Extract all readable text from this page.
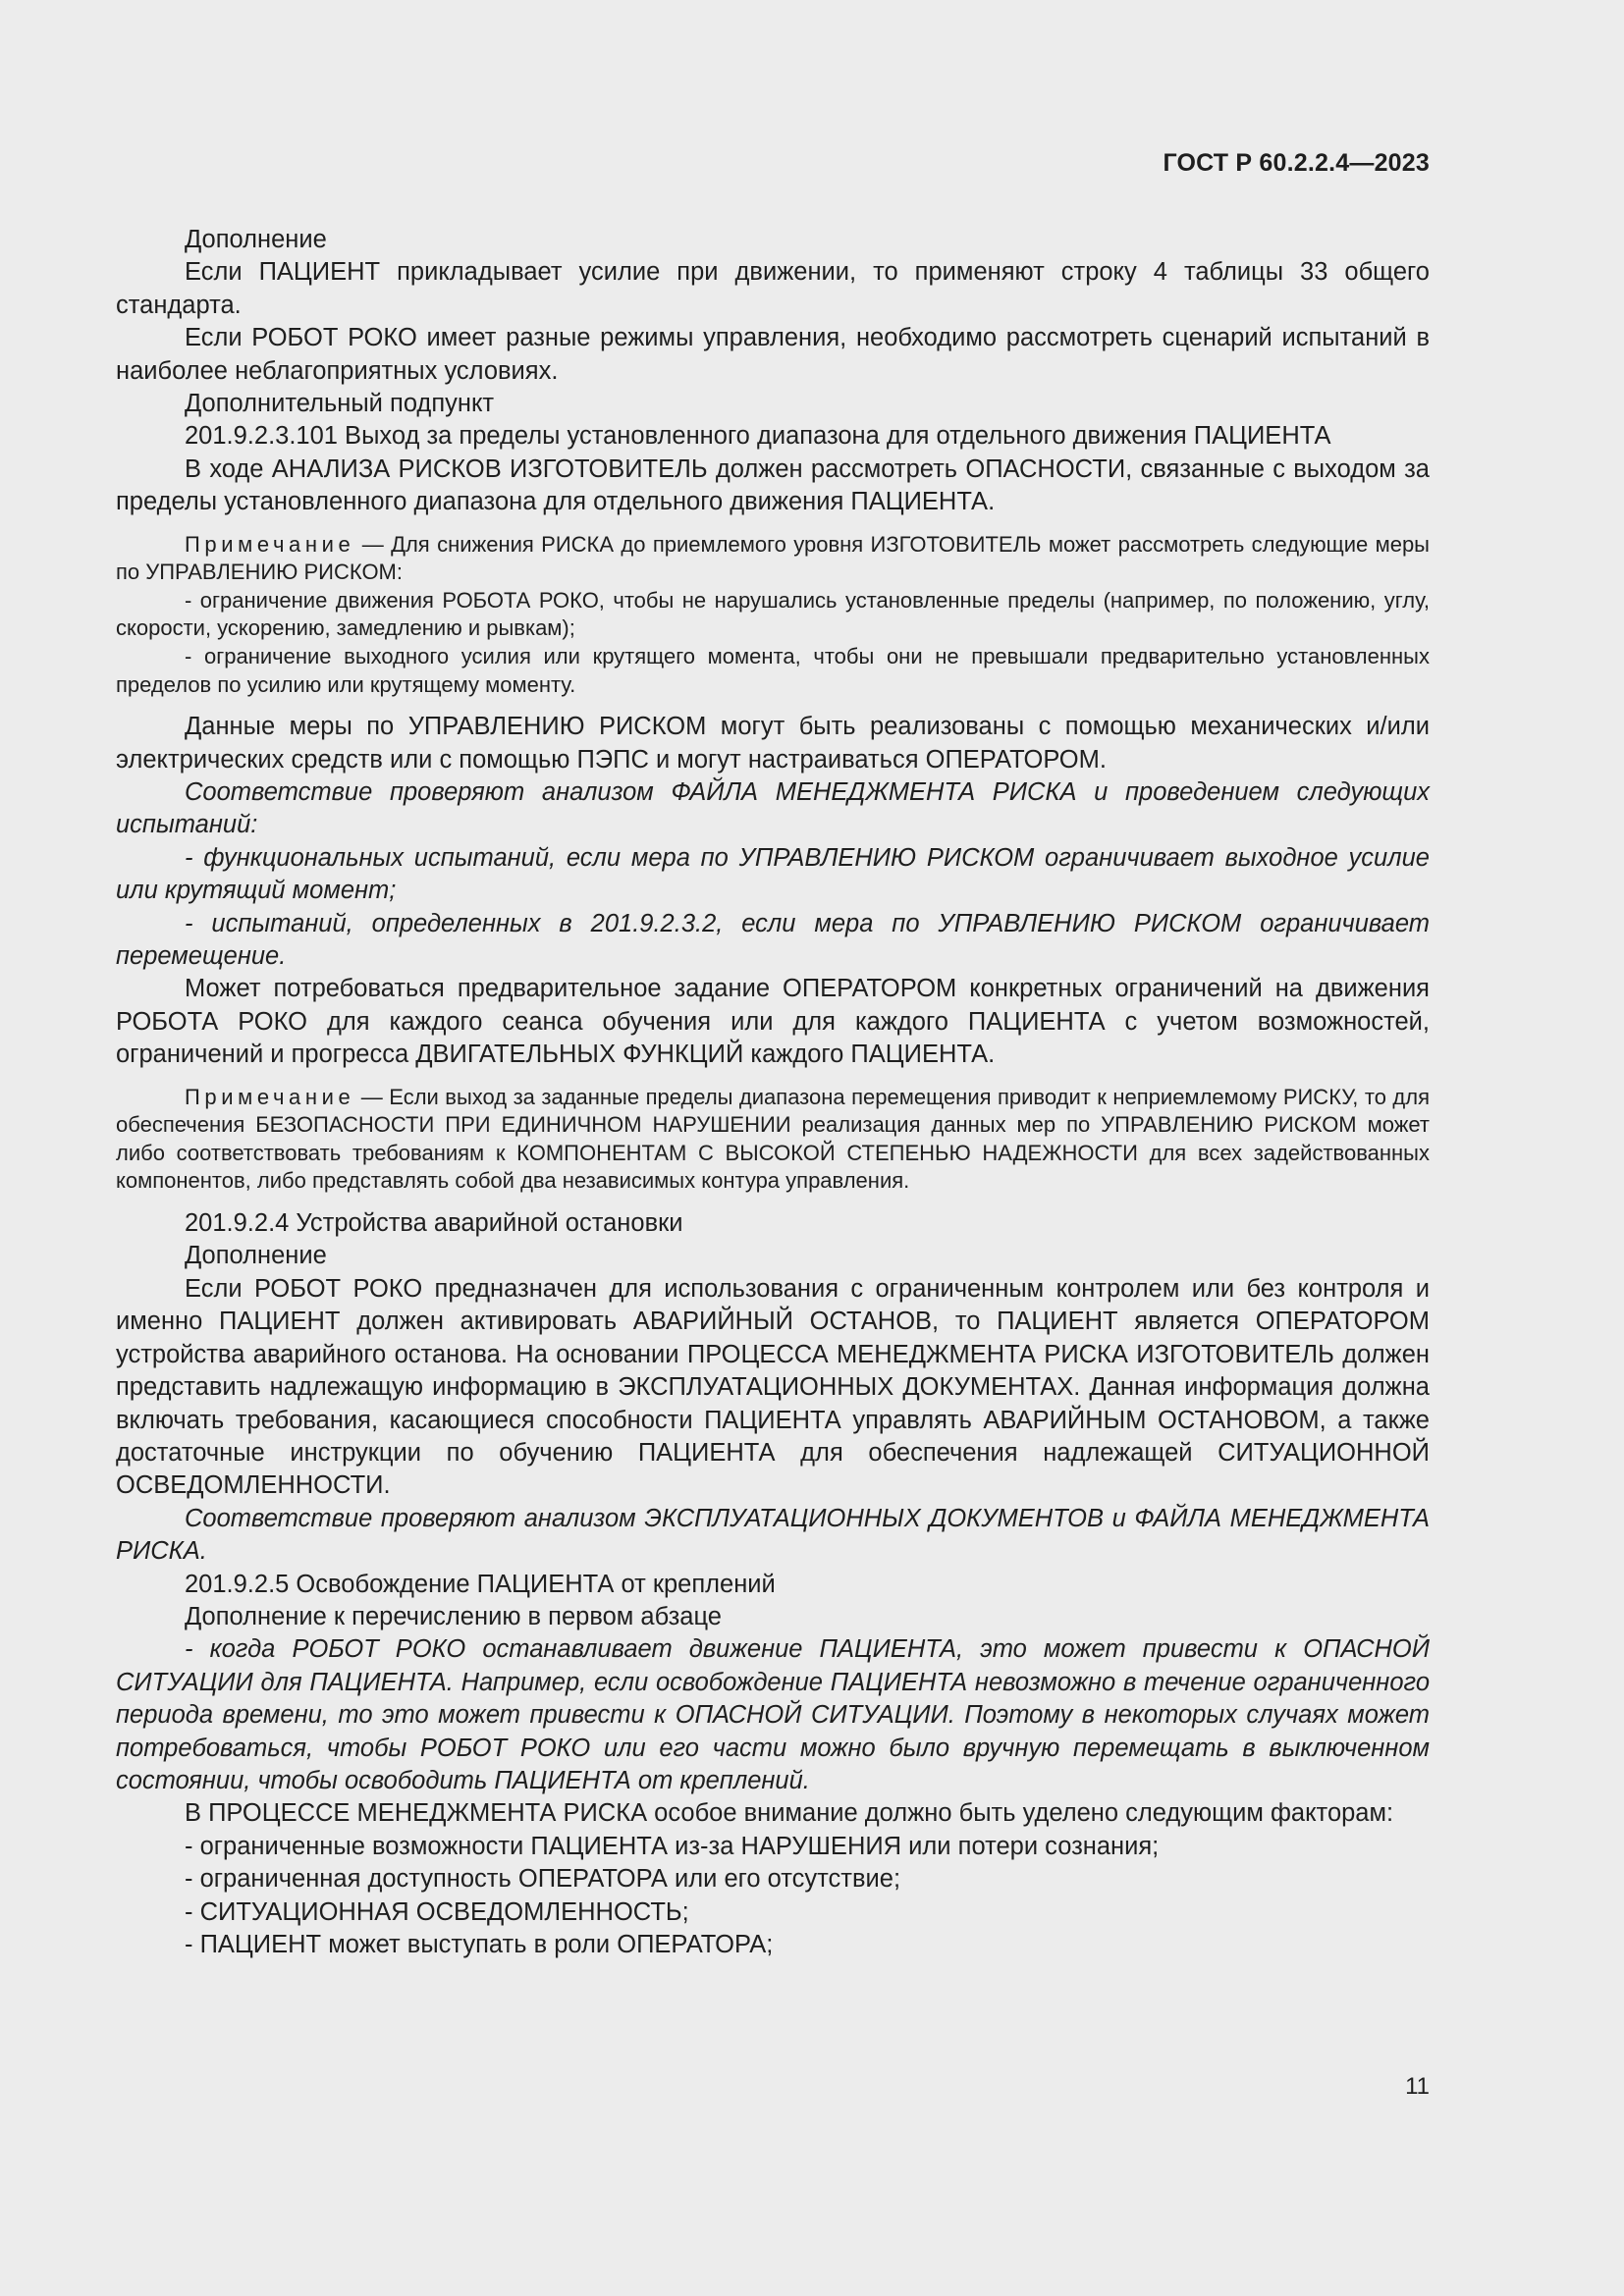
ГОСТ Р 60.2.2.4—2023

Дополнение

Если ПАЦИЕНТ прикладывает усилие при движении, то применяют строку 4 таблицы 33 общего стандарта.

Если РОБОТ РОКО имеет разные режимы управления, необходимо рассмотреть сценарий испытаний в наиболее неблагоприятных условиях.

Дополнительный подпункт

201.9.2.3.101 Выход за пределы установленного диапазона для отдельного движения ПАЦИЕНТА

В ходе АНАЛИЗА РИСКОВ ИЗГОТОВИТЕЛЬ должен рассмотреть ОПАСНОСТИ, связанные с выходом за пределы установленного диапазона для отдельного движения ПАЦИЕНТА.

Примечание — Для снижения РИСКА до приемлемого уровня ИЗГОТОВИТЕЛЬ может рассмотреть следующие меры по УПРАВЛЕНИЮ РИСКОМ:

- ограничение движения РОБОТА РОКО, чтобы не нарушались установленные пределы (например, по положению, углу, скорости, ускорению, замедлению и рывкам);

- ограничение выходного усилия или крутящего момента, чтобы они не превышали предварительно установленных пределов по усилию или крутящему моменту.

Данные меры по УПРАВЛЕНИЮ РИСКОМ могут быть реализованы с помощью механических и/или электрических средств или с помощью ПЭПС и могут настраиваться ОПЕРАТОРОМ.

Соответствие проверяют анализом ФАЙЛА МЕНЕДЖМЕНТА РИСКА и проведением следующих испытаний:

- функциональных испытаний, если мера по УПРАВЛЕНИЮ РИСКОМ ограничивает выходное усилие или крутящий момент;

- испытаний, определенных в 201.9.2.3.2, если мера по УПРАВЛЕНИЮ РИСКОМ ограничивает перемещение.

Может потребоваться предварительное задание ОПЕРАТОРОМ конкретных ограничений на движения РОБОТА РОКО для каждого сеанса обучения или для каждого ПАЦИЕНТА с учетом возможностей, ограничений и прогресса ДВИГАТЕЛЬНЫХ ФУНКЦИЙ каждого ПАЦИЕНТА.

Примечание — Если выход за заданные пределы диапазона перемещения приводит к неприемлемому РИСКУ, то для обеспечения БЕЗОПАСНОСТИ ПРИ ЕДИНИЧНОМ НАРУШЕНИИ реализация данных мер по УПРАВЛЕНИЮ РИСКОМ может либо соответствовать требованиям к КОМПОНЕНТАМ С ВЫСОКОЙ СТЕПЕНЬЮ НАДЕЖНОСТИ для всех задействованных компонентов, либо представлять собой два независимых контура управления.

201.9.2.4 Устройства аварийной остановки

Дополнение

Если РОБОТ РОКО предназначен для использования с ограниченным контролем или без контроля и именно ПАЦИЕНТ должен активировать АВАРИЙНЫЙ ОСТАНОВ, то ПАЦИЕНТ является ОПЕРАТОРОМ устройства аварийного останова. На основании ПРОЦЕССА МЕНЕДЖМЕНТА РИСКА ИЗГОТОВИТЕЛЬ должен представить надлежащую информацию в ЭКСПЛУАТАЦИОННЫХ ДОКУМЕНТАХ. Данная информация должна включать требования, касающиеся способности ПАЦИЕНТА управлять АВАРИЙНЫМ ОСТАНОВОМ, а также достаточные инструкции по обучению ПАЦИЕНТА для обеспечения надлежащей СИТУАЦИОННОЙ ОСВЕДОМЛЕННОСТИ.

Соответствие проверяют анализом ЭКСПЛУАТАЦИОННЫХ ДОКУМЕНТОВ и ФАЙЛА МЕНЕДЖМЕНТА РИСКА.

201.9.2.5 Освобождение ПАЦИЕНТА от креплений

Дополнение к перечислению в первом абзаце

- когда РОБОТ РОКО останавливает движение ПАЦИЕНТА, это может привести к ОПАСНОЙ СИТУАЦИИ для ПАЦИЕНТА. Например, если освобождение ПАЦИЕНТА невозможно в течение ограниченного периода времени, то это может привести к ОПАСНОЙ СИТУАЦИИ. Поэтому в некоторых случаях может потребоваться, чтобы РОБОТ РОКО или его части можно было вручную перемещать в выключенном состоянии, чтобы освободить ПАЦИЕНТА от креплений.

В ПРОЦЕССЕ МЕНЕДЖМЕНТА РИСКА особое внимание должно быть уделено следующим факторам:

- ограниченные возможности ПАЦИЕНТА из-за НАРУШЕНИЯ или потери сознания;

- ограниченная доступность ОПЕРАТОРА или его отсутствие;

- СИТУАЦИОННАЯ ОСВЕДОМЛЕННОСТЬ;

- ПАЦИЕНТ может выступать в роли ОПЕРАТОРА;

11
